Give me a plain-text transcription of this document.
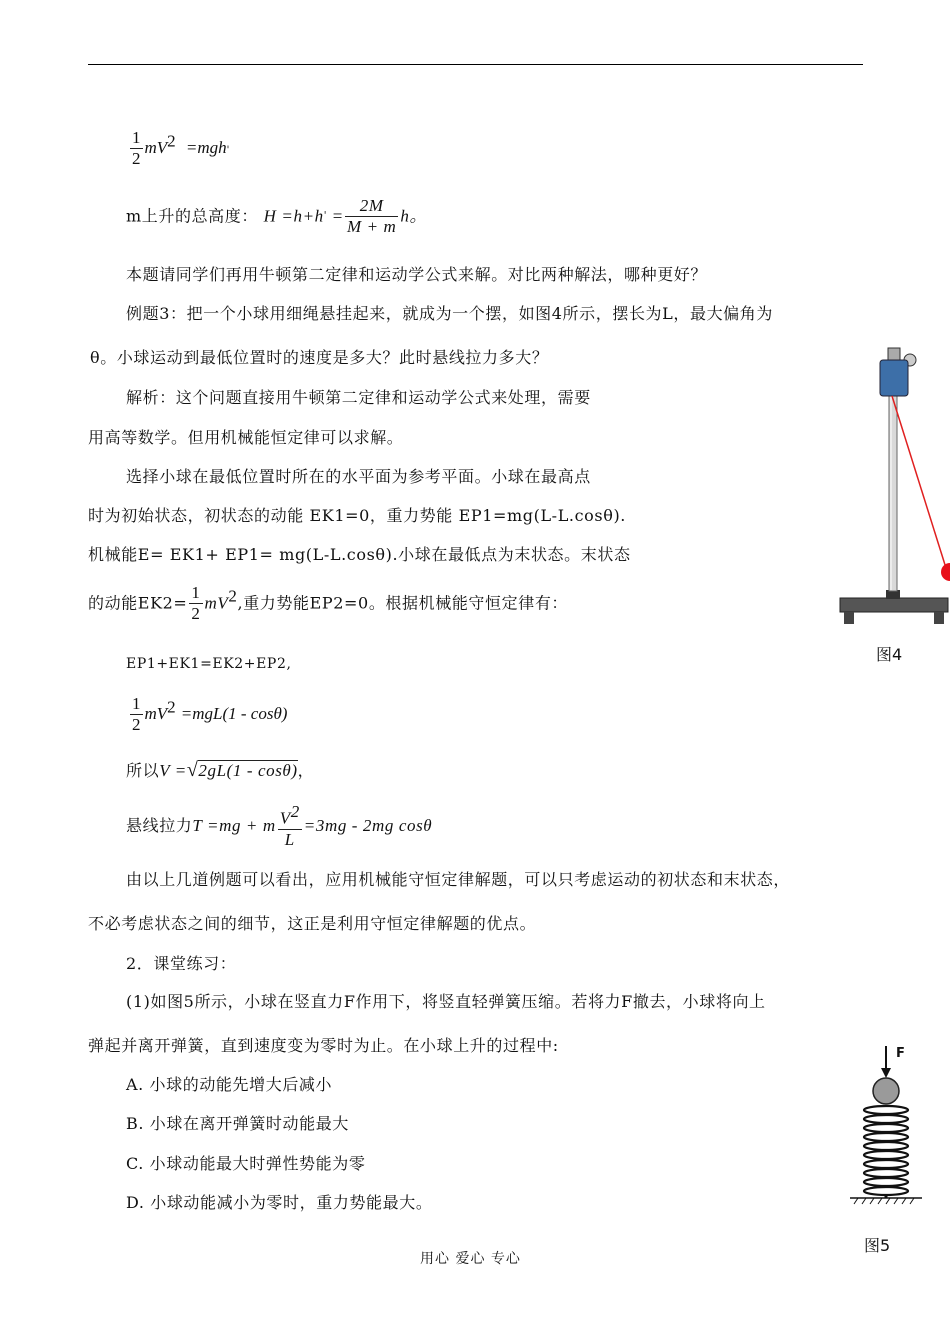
$\frac{1}{2} mV^2 =mgh'$
m上升的总高度： $H =h+h' = \frac{2M}{M + m}$ h。
本题请同学们再用牛顿第二定律和运动学公式来解。对比两种解法，哪种更好？
例题3：把一个小球用细绳悬挂起来，就成为一个摆，如图4所示，摆长为L，最大偏角为
θ。小球运动到最低位置时的速度是多大？此时悬线拉力多大？
解析：这个问题直接用牛顿第二定律和运动学公式来处理，需要
用高等数学。但用机械能恒定律可以求解。
选择小球在最低位置时所在的水平面为参考平面。小球在最高点
时为初始状态，初状态的动能 EK1=0，重力势能 EP1=mg(L-L.cosθ).
机械能E= EK1+ EP1= mg(L-L.cosθ).小球在最低点为末状态。末状态
的动能$EK2= \frac{1}{2} mV^2$,重力势能EP2=0。根据机械能守恒定律有：
EP1+EK1=EK2+EP2,
$\frac{1}{2} mV^2 =mgL(1 - \cos\theta)$
所以V =√2gL(1 - cosθ)，
悬线拉力T =mg + m $\frac{V^2}{L} =3mg - 2mg$ cosθ
由以上几道例题可以看出，应用机械能守恒定律解题，可以只考虑运动的初状态和末状态，
不必考虑状态之间的细节，这正是利用守恒定律解题的优点。
2．课堂练习：
(1)如图5所示，小球在竖直力F作用下，将竖直轻弹簧压缩。若将力F撤去，小球将向上
弹起并离开弹簧，直到速度变为零时为止。在小球上升的过程中:
A. 小球的动能先增大后减小
B. 小球在离开弹簧时动能最大
C. 小球动能最大时弹性势能为零
D. 小球动能减小为零时，重力势能最大。
图4
F
图5
用心 爱心 专心
